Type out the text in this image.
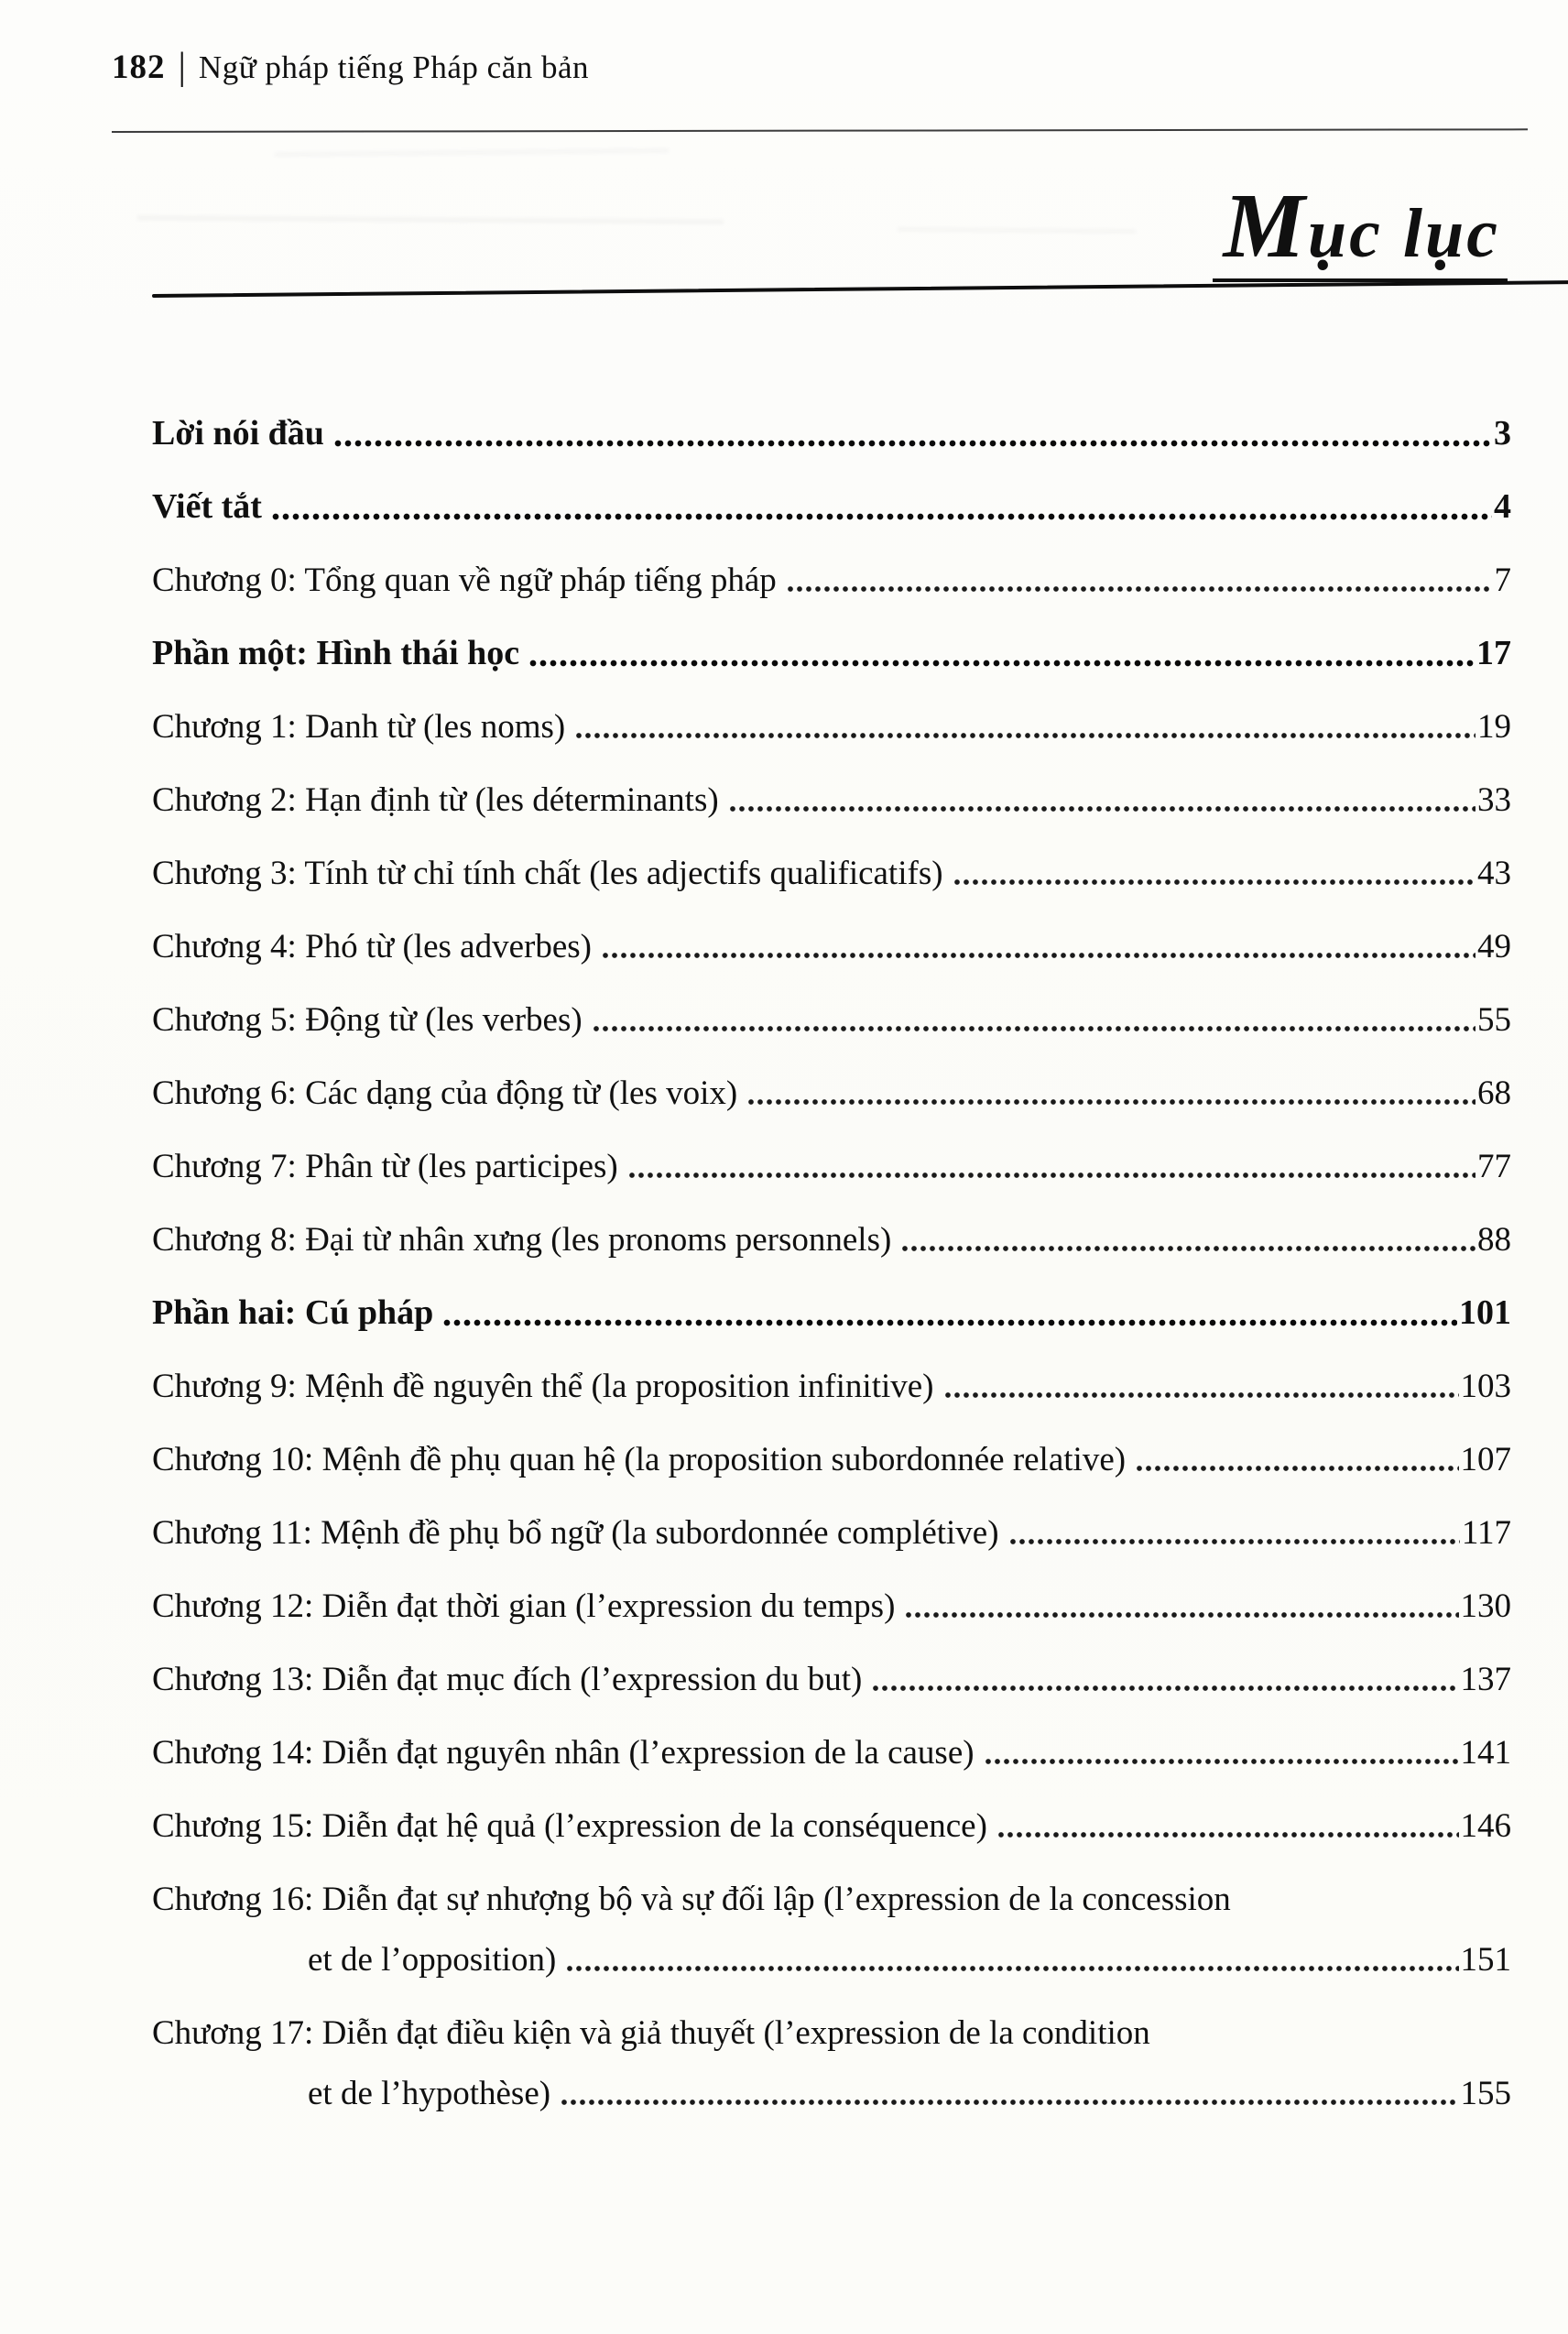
182 | Ngữ pháp tiếng Pháp căn bản
Mục lục
Lời nói đầu	3
Viết tắt	4
Chương 0: Tổng quan về ngữ pháp tiếng pháp	7
Phần một: Hình thái học	17
Chương 1: Danh từ (les noms)	19
Chương 2: Hạn định từ (les déterminants)	33
Chương 3: Tính từ chỉ tính chất (les adjectifs qualificatifs)	43
Chương 4: Phó từ (les adverbes)	49
Chương 5: Động từ (les verbes)	55
Chương 6: Các dạng của động từ (les voix)	68
Chương 7: Phân từ (les participes)	77
Chương 8: Đại từ nhân xưng (les pronoms personnels)	88
Phần hai: Cú pháp	101
Chương 9: Mệnh đề nguyên thể (la proposition infinitive)	103
Chương 10: Mệnh đề phụ quan hệ (la proposition subordonnée relative)	107
Chương 11: Mệnh đề phụ bổ ngữ (la subordonnée complétive)	117
Chương 12: Diễn đạt thời gian (l’expression du temps)	130
Chương 13: Diễn đạt mục đích (l’expression du but)	137
Chương 14: Diễn đạt nguyên nhân (l’expression de la cause)	141
Chương 15: Diễn đạt hệ quả (l’expression de la conséquence)	146
Chương 16: Diễn đạt sự nhượng bộ và sự đối lập (l’expression de la concession
et de l’opposition)	151
Chương 17: Diễn đạt điều kiện và giả thuyết (l’expression de la condition
et de l’hypothèse)	155
